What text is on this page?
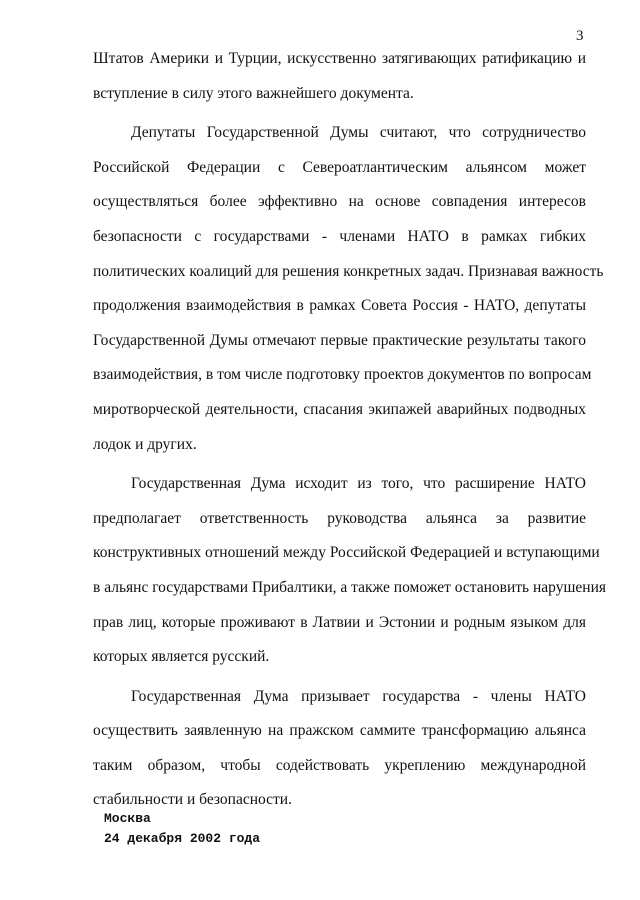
3
Штатов Америки и Турции, искусственно затягивающих ратификацию и
вступление в силу этого важнейшего документа.
Депутаты Государственной Думы считают, что сотрудничество
Российской Федерации с Североатлантическим альянсом может
осуществляться более эффективно на основе совпадения интересов
безопасности с государствами - членами НАТО в рамках гибких
политических коалиций для решения конкретных задач. Признавая важность
продолжения взаимодействия в рамках Совета Россия - НАТО, депутаты
Государственной Думы отмечают первые практические результаты такого
взаимодействия, в том числе подготовку проектов документов по вопросам
миротворческой деятельности, спасания экипажей аварийных подводных
лодок и других.
Государственная Дума исходит из того, что расширение НАТО
предполагает ответственность руководства альянса за развитие
конструктивных отношений между Российской Федерацией и вступающими
в альянс государствами Прибалтики, а также поможет остановить нарушения
прав лиц, которые проживают в Латвии и Эстонии и родным языком для
которых является русский.
Государственная Дума призывает государства - члены НАТО
осуществить заявленную на пражском саммите трансформацию альянса
таким образом, чтобы содействовать укреплению международной
стабильности и безопасности.
Москва
24 декабря 2002 года
